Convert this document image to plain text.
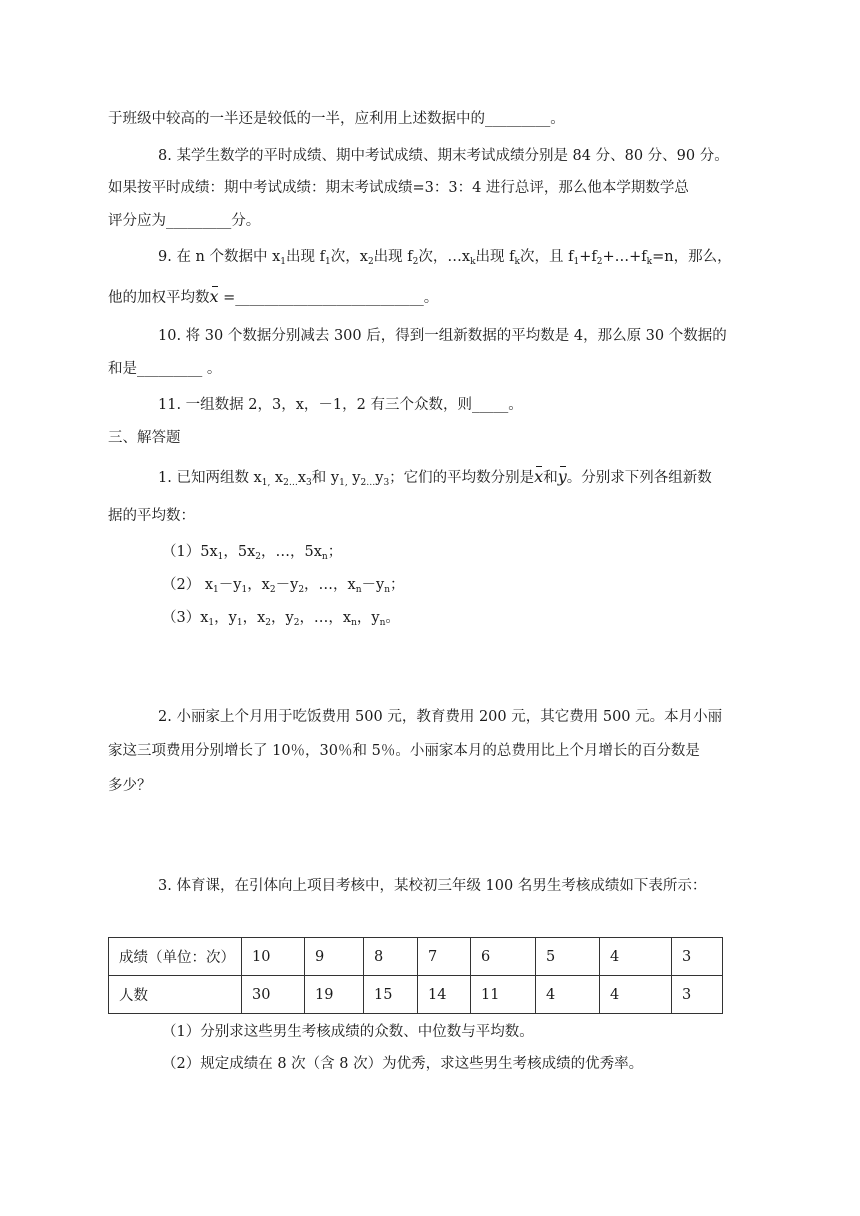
于班级中较高的一半还是较低的一半，应利用上述数据中的_________。
8. 某学生数学的平时成绩、期中考试成绩、期末考试成绩分别是 84 分、80 分、90 分。
如果按平时成绩：期中考试成绩：期末考试成绩=3：3：4 进行总评，那么他本学期数学总
评分应为_________分。
9. 在 n 个数据中 $x_1$出现 $f_1$次，$x_2$出现 $f_2$次，$\dots x_k$出现 $f_k$次，且 $f_1+f_2+\dots+f_k=n$，那么，
他的加权平均数x =__________________________。
10. 将 30 个数据分别减去 300 后，得到一组新数据的平均数是 4，那么原 30 个数据的
和是_________ 。
11. 一组数据 2，3，x，－1，2 有三个众数，则_____。
三、解答题
1. 已知两组数 $x_{1,}$ $x_{2\dots}x_3$和 $y_{1,}$ $y_{2\dots}y_3$；它们的平均数分别是x和y。分别求下列各组新数
据的平均数：
$(1)5x_1$，$5x_2$，…，$5x_n$；
（2） $x_1-y_1$，$x_2-y_2$，…，$x_n-y_n$；
$(3)x_1$，$y_1$，$x_2$，$y_2$，…，$x_n$，$y_n$。
2. 小丽家上个月用于吃饭费用 500 元，教育费用 200 元，其它费用 500 元。本月小丽
家这三项费用分别增长了 10％，30％和 5％。小丽家本月的总费用比上个月增长的百分数是
多少？
3. 体育课，在引体向上项目考核中，某校初三年级 100 名男生考核成绩如下表所示：
成绩（单位：次）	10	9	8	7	6	5	4	3
人数	30	19	15	14	11	4	4	3
（1）分别求这些男生考核成绩的众数、中位数与平均数。
（2）规定成绩在 8 次（含 8 次）为优秀，求这些男生考核成绩的优秀率。
